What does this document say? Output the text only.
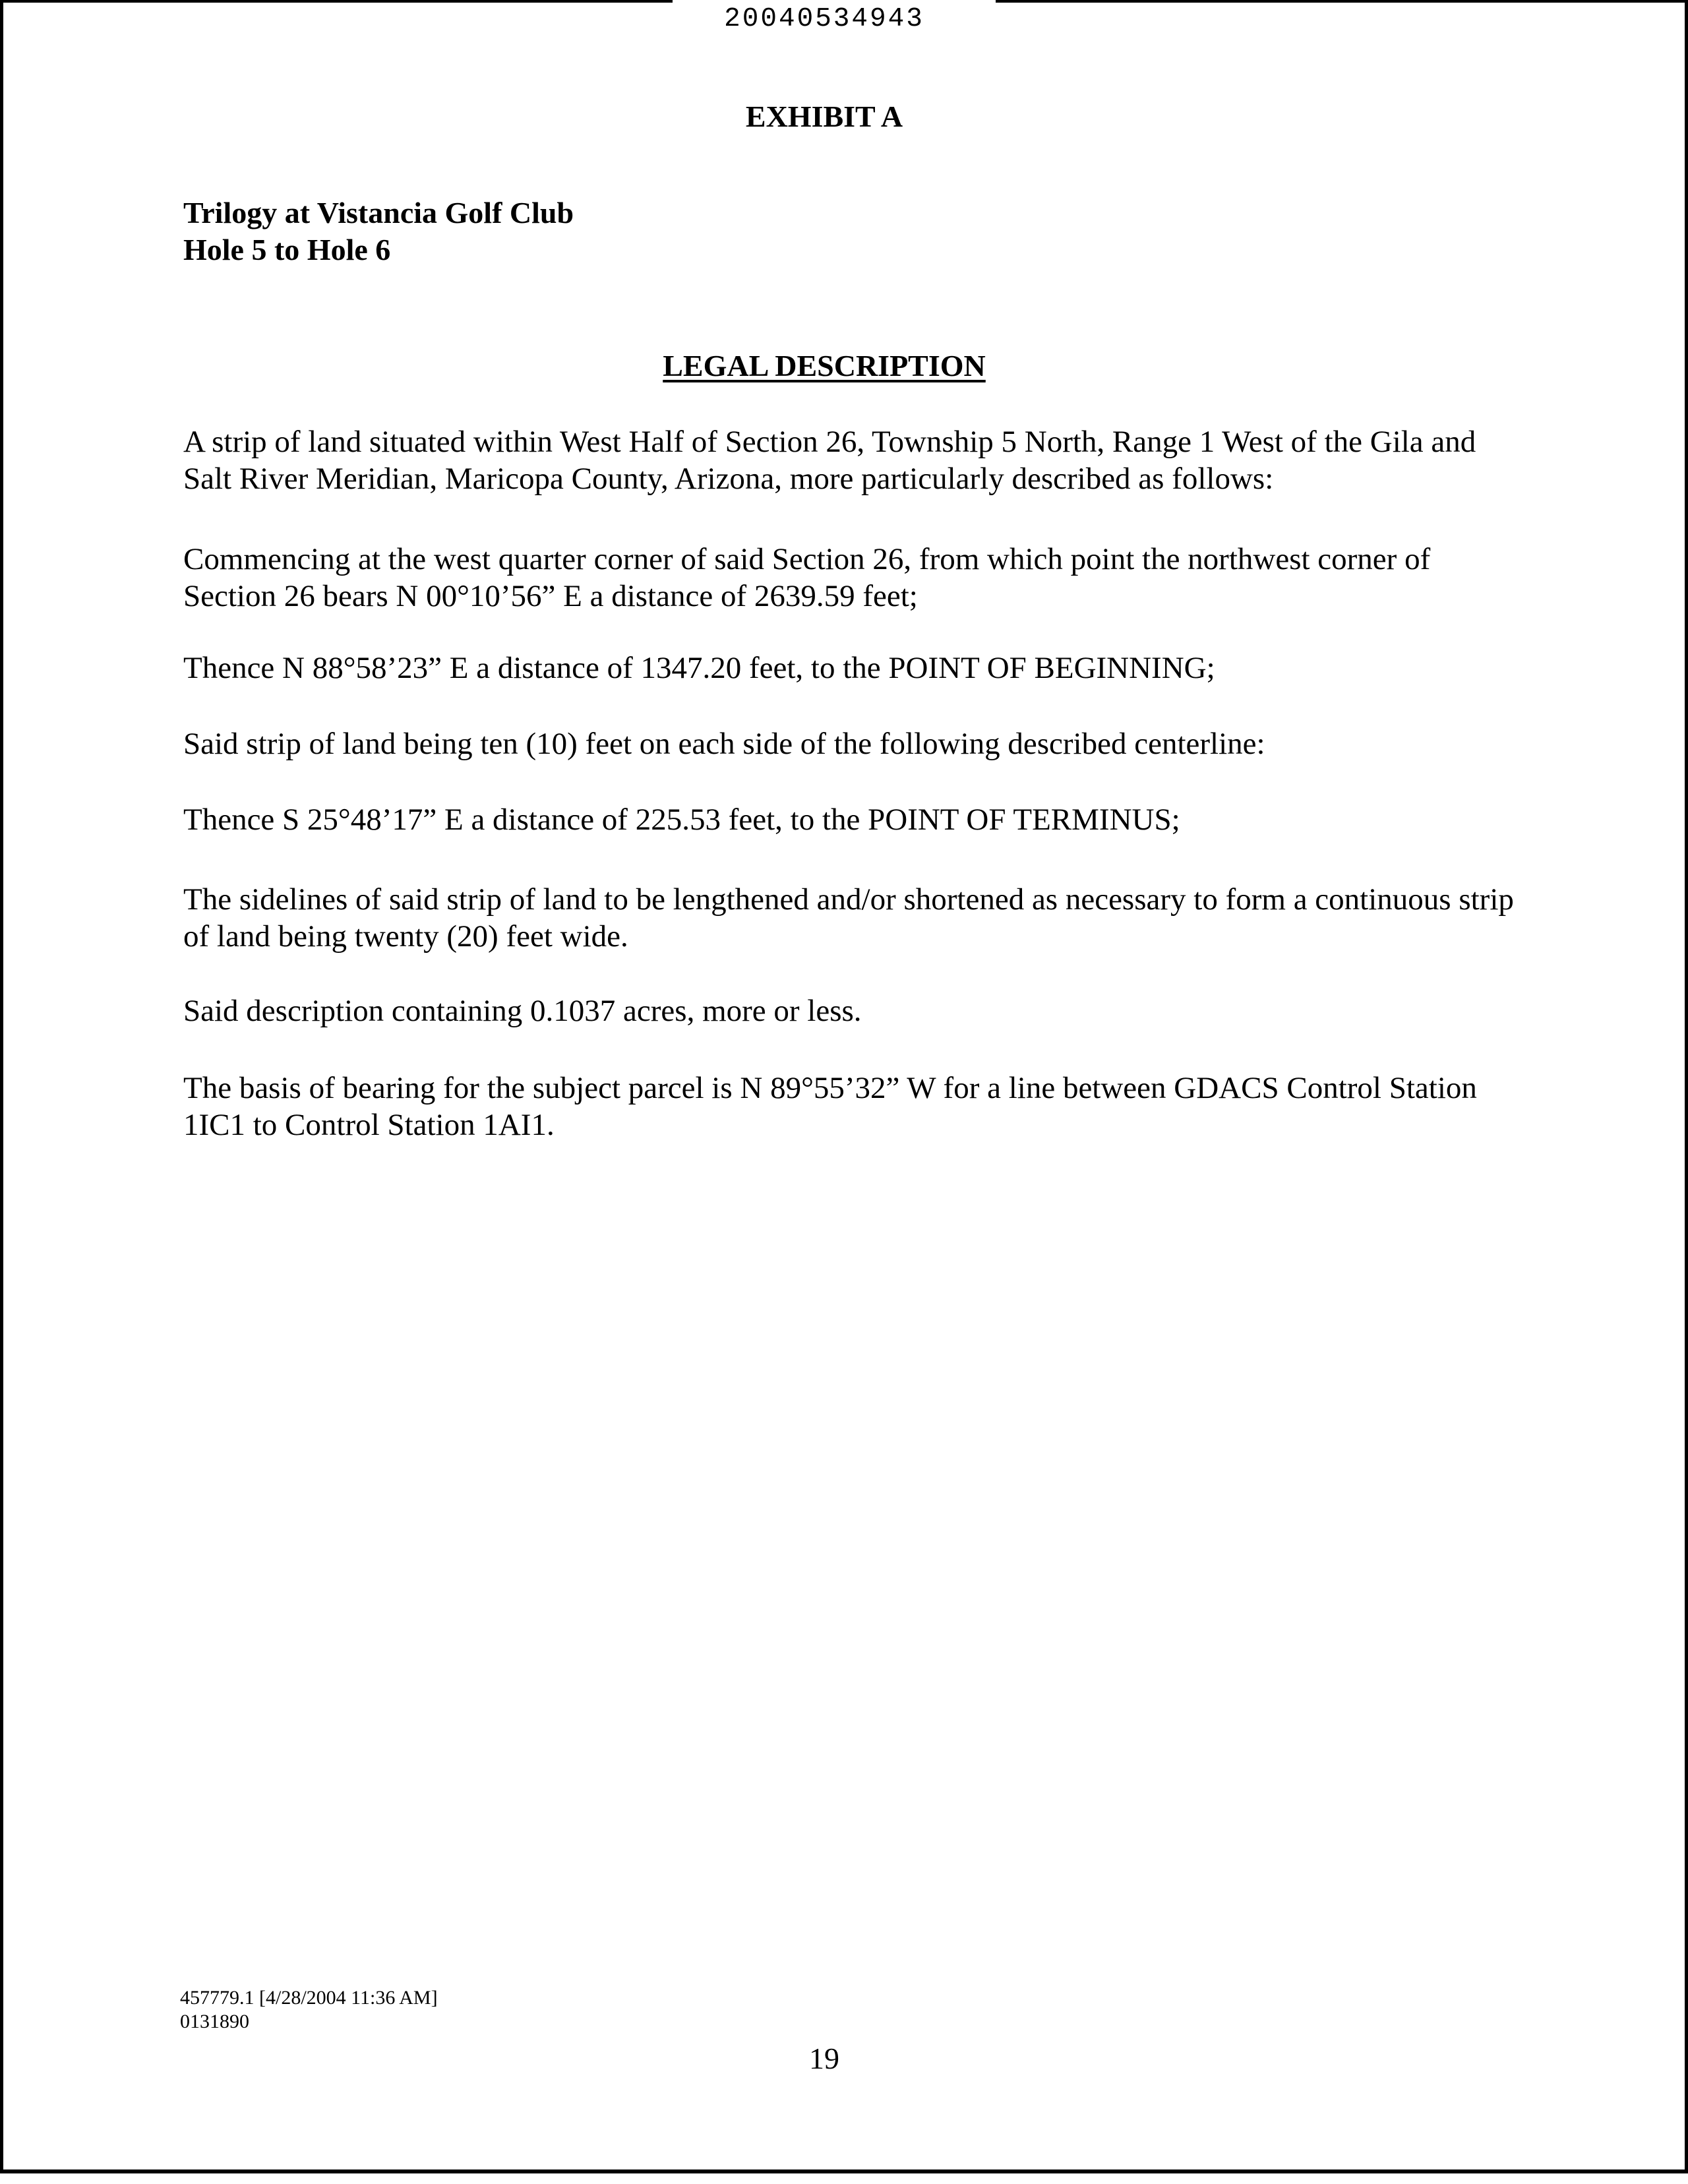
20040534943
EXHIBIT A
Trilogy at Vistancia Golf Club
Hole 5 to Hole 6
LEGAL DESCRIPTION

A strip of land situated within West Half of Section 26, Township 5 North, Range 1 West of the Gila and Salt River Meridian, Maricopa County, Arizona, more particularly described as follows:

Commencing at the west quarter corner of said Section 26, from which point the northwest corner of Section 26 bears N 00°10’56” E a distance of 2639.59 feet;

Thence N 88°58’23” E a distance of 1347.20 feet, to the POINT OF BEGINNING;

Said strip of land being ten (10) feet on each side of the following described centerline:

Thence S 25°48’17” E a distance of 225.53 feet, to the POINT OF TERMINUS;

The sidelines of said strip of land to be lengthened and/or shortened as necessary to form a continuous strip of land being twenty (20) feet wide.

Said description containing 0.1037 acres, more or less.

The basis of bearing for the subject parcel is N 89°55’32” W for a line between GDACS Control Station 1IC1 to Control Station 1AI1.

457779.1 [4/28/2004 11:36 AM]
0131890
19
